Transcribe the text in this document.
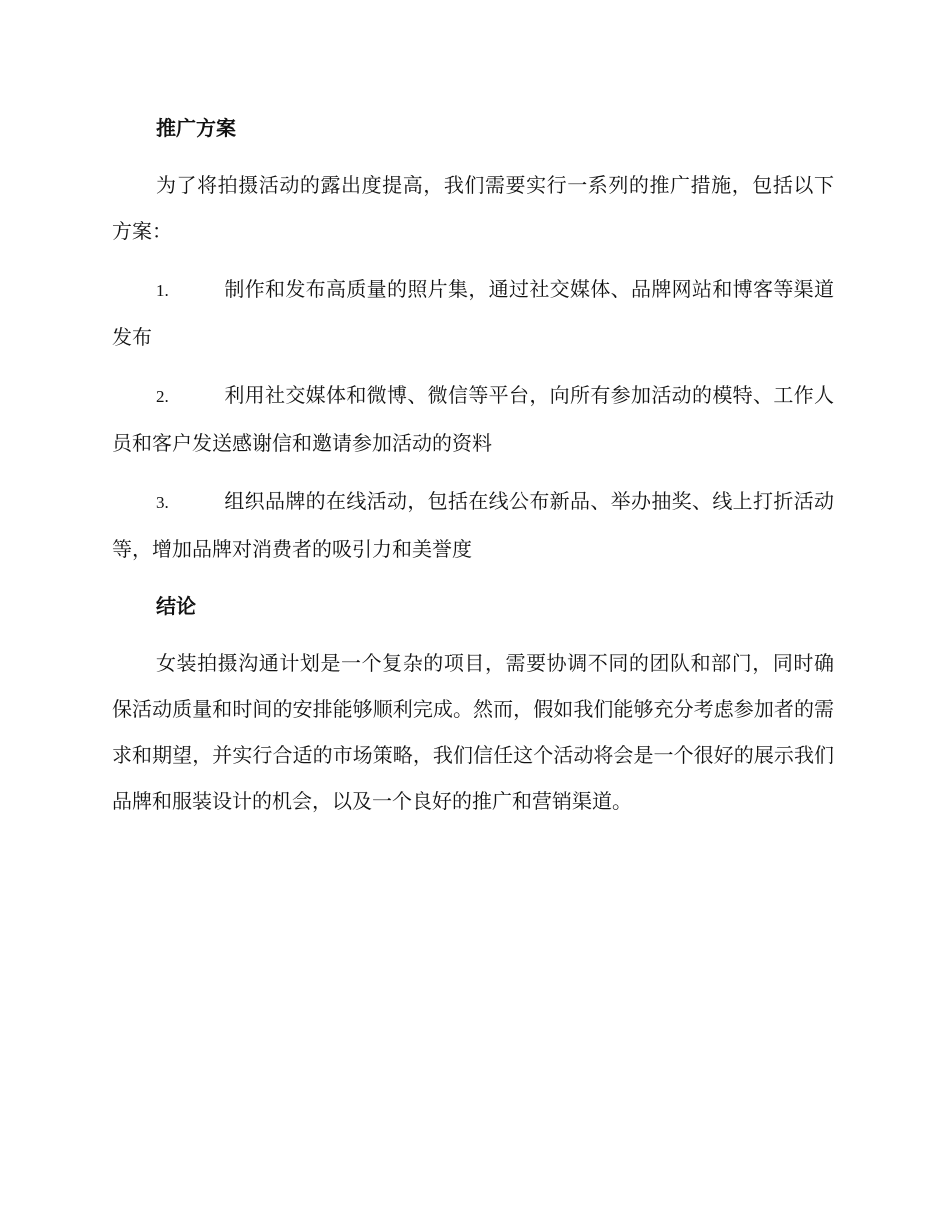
推广方案

为了将拍摄活动的露出度提高，我们需要实行一系列的推广措施，包括以下方案：

1.	制作和发布高质量的照片集，通过社交媒体、品牌网站和博客等渠道发布

2.	利用社交媒体和微博、微信等平台，向所有参加活动的模特、工作人员和客户发送感谢信和邀请参加活动的资料

3.	组织品牌的在线活动，包括在线公布新品、举办抽奖、线上打折活动等，增加品牌对消费者的吸引力和美誉度

结论

女装拍摄沟通计划是一个复杂的项目，需要协调不同的团队和部门，同时确保活动质量和时间的安排能够顺利完成。然而，假如我们能够充分考虑参加者的需求和期望，并实行合适的市场策略，我们信任这个活动将会是一个很好的展示我们品牌和服装设计的机会，以及一个良好的推广和营销渠道。
